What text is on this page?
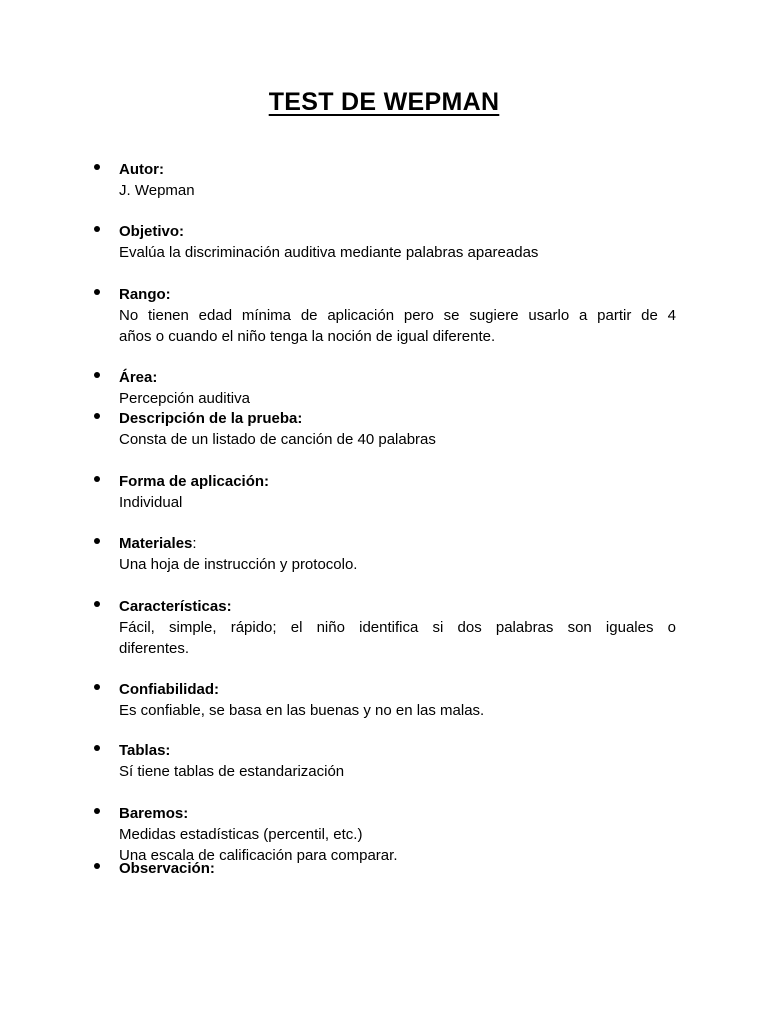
TEST DE WEPMAN
Autor:
J. Wepman
Objetivo:
Evalúa la discriminación auditiva mediante palabras apareadas
Rango:
No tienen edad mínima de aplicación pero se sugiere usarlo a partir de 4
años o cuando el niño tenga la noción de igual diferente.
Área:
Percepción auditiva
Descripción de la prueba:
Consta de un listado de canción de 40 palabras
Forma de aplicación:
Individual
Materiales:
Una hoja de instrucción y protocolo.
Características:
Fácil, simple, rápido; el niño identifica si dos palabras son iguales o
diferentes.
Confiabilidad:
Es confiable, se basa en las buenas y no en las malas.
Tablas:
Sí tiene tablas de estandarización
Baremos:
Medidas estadísticas (percentil, etc.)
Una escala de calificación para comparar.
Observación:
